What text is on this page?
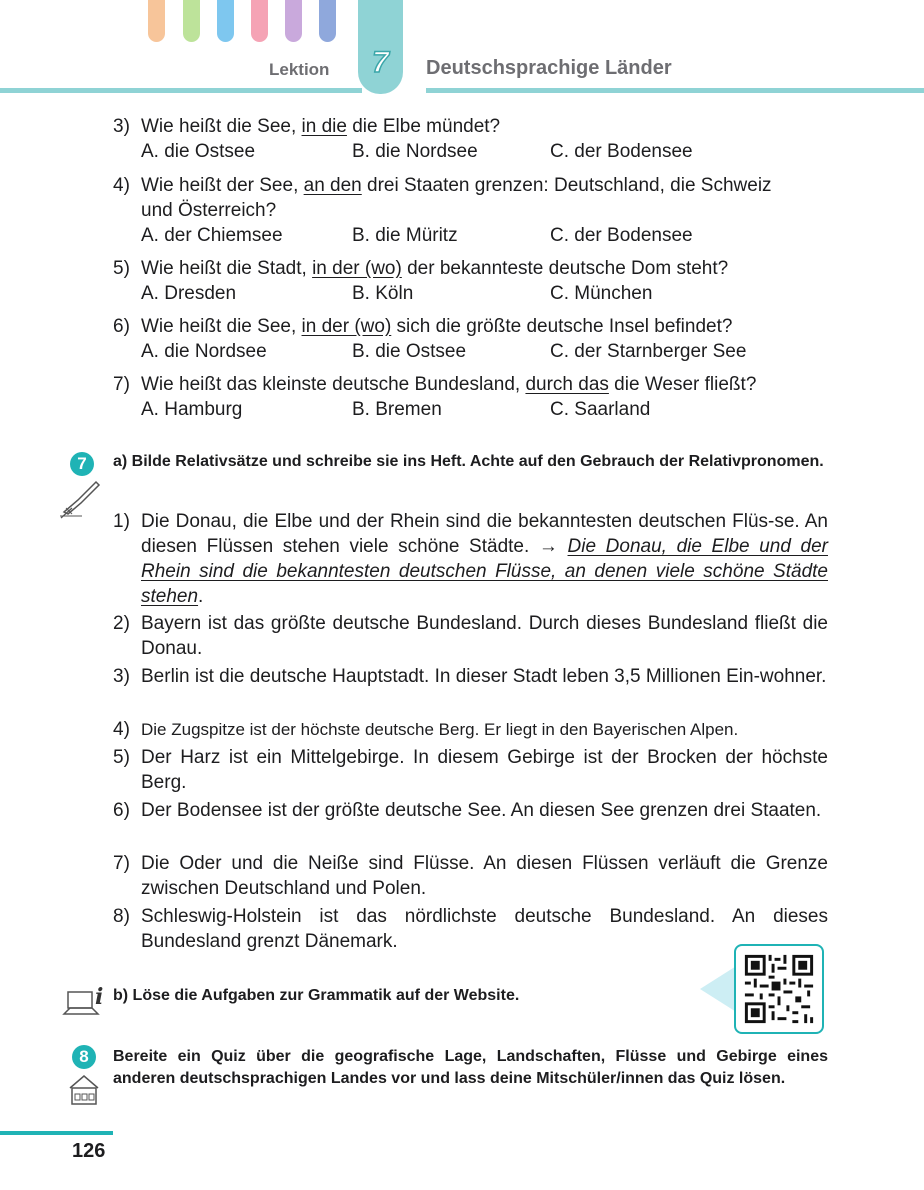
7
Lektion	Deutschsprachige Länder
3) Wie heißt die See, in die die Elbe mündet?
A. die Ostsee	B. die Nordsee	C. der Bodensee
4) Wie heißt der See, an den drei Staaten grenzen: Deutschland, die Schweiz
und Österreich?
A. der Chiemsee	B. die Müritz	C. der Bodensee
5) Wie heißt die Stadt, in der (wo) der bekannteste deutsche Dom steht?
A. Dresden	B. Köln	C. München
6) Wie heißt die See, in der (wo) sich die größte deutsche Insel befindet?
A. die Nordsee	B. die Ostsee	C. der Starnberger See
7) Wie heißt das kleinste deutsche Bundesland, durch das die Weser fließt?
A. Hamburg	B. Bremen	C. Saarland
7	a) Bilde Relativsätze und schreibe sie ins Heft. Achte auf den Gebrauch der Relativpronomen.
1) Die Donau, die Elbe und der Rhein sind die bekanntesten deutschen Flüs-se. An diesen Flüssen stehen viele schöne Städte. → Die Donau, die Elbe und der Rhein sind die bekanntesten deutschen Flüsse, an denen viele schöne Städte stehen.
2) Bayern ist das größte deutsche Bundesland. Durch dieses Bundesland fließt die Donau.
3) Berlin ist die deutsche Hauptstadt. In dieser Stadt leben 3,5 Millionen Ein-wohner.
4) Die Zugspitze ist der höchste deutsche Berg. Er liegt in den Bayerischen Alpen.
5) Der Harz ist ein Mittelgebirge. In diesem Gebirge ist der Brocken der höchste Berg.
6) Der Bodensee ist der größte deutsche See. An diesen See grenzen drei Staaten.
7) Die Oder und die Neiße sind Flüsse. An diesen Flüssen verläuft die Grenze zwischen Deutschland und Polen.
8) Schleswig-Holstein ist das nördlichste deutsche Bundesland. An dieses Bundesland grenzt Dänemark.
i b) Löse die Aufgaben zur Grammatik auf der Website.
8	Bereite ein Quiz über die geografische Lage, Landschaften, Flüsse und Gebirge eines anderen deutschsprachigen Landes vor und lass deine Mitschüler/innen das Quiz lösen.
126
